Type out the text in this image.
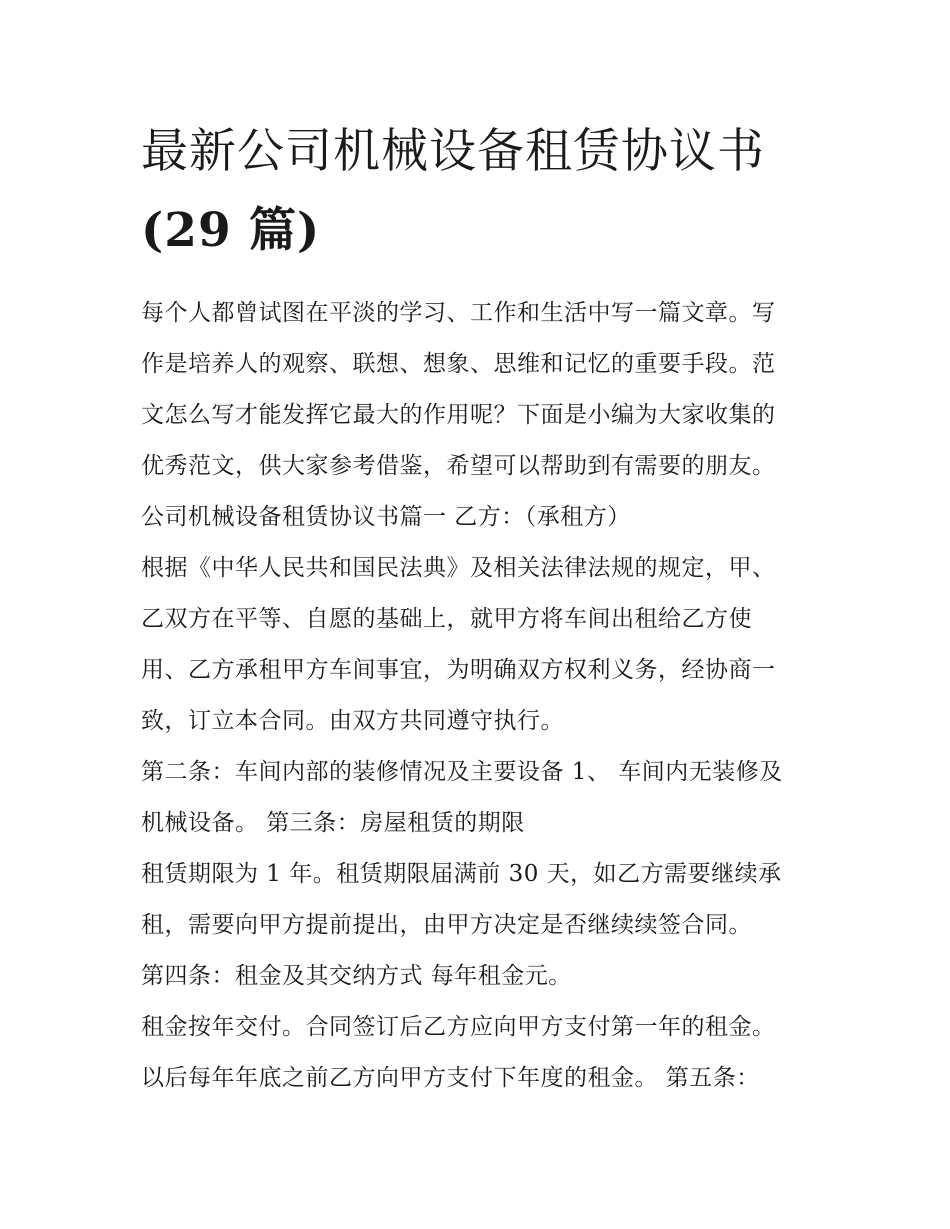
最新公司机械设备租赁协议书
(29 篇)

每个人都曾试图在平淡的学习、工作和生活中写一篇文章。写

作是培养人的观察、联想、想象、思维和记忆的重要手段。范

文怎么写才能发挥它最大的作用呢？下面是小编为大家收集的

优秀范文，供大家参考借鉴，希望可以帮助到有需要的朋友。

公司机械设备租赁协议书篇一 乙方：（承租方）

根据《中华人民共和国民法典》及相关法律法规的规定，甲、

乙双方在平等、自愿的基础上，就甲方将车间出租给乙方使

用、乙方承租甲方车间事宜，为明确双方权利义务，经协商一

致，订立本合同。由双方共同遵守执行。

第二条：车间内部的装修情况及主要设备 1、 车间内无装修及

机械设备。 第三条：房屋租赁的期限

租赁期限为 1 年。租赁期限届满前 30 天，如乙方需要继续承

租，需要向甲方提前提出，由甲方决定是否继续续签合同。

第四条：租金及其交纳方式 每年租金元。

租金按年交付。合同签订后乙方应向甲方支付第一年的租金。

以后每年年底之前乙方向甲方支付下年度的租金。 第五条：
